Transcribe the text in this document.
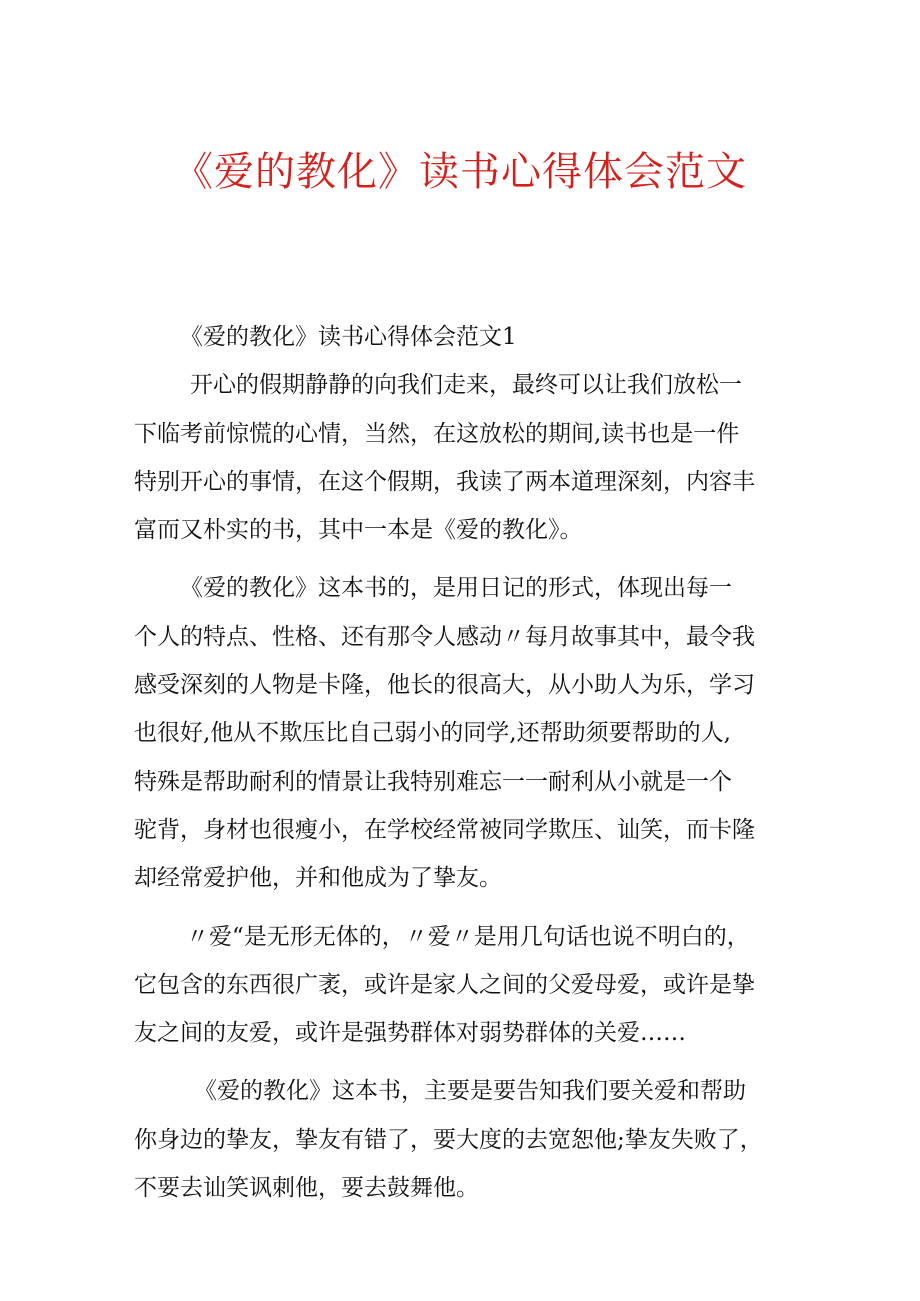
《爱的教化》读书心得体会范文
《爱的教化》读书心得体会范文1
开心的假期静静的向我们走来，最终可以让我们放松一
下临考前惊慌的心情，当然，在这放松的期间,读书也是一件
特别开心的事情，在这个假期，我读了两本道理深刻，内容丰
富而又朴实的书，其中一本是《爱的教化》。
《爱的教化》这本书的，是用日记的形式，体现出每一
个人的特点、性格、还有那令人感动〃每月故事其中，最令我
感受深刻的人物是卡隆，他长的很高大，从小助人为乐，学习
也很好,他从不欺压比自己弱小的同学,还帮助须要帮助的人,
特殊是帮助耐利的情景让我特别难忘一一耐利从小就是一个
驼背，身材也很瘦小，在学校经常被同学欺压、讪笑，而卡隆
却经常爱护他，并和他成为了挚友。
〃爱“是无形无体的，〃爱〃是用几句话也说不明白的，
它包含的东西很广袤，或许是家人之间的父爱母爱，或许是挚
友之间的友爱，或许是强势群体对弱势群体的关爱……
《爱的教化》这本书，主要是要告知我们要关爱和帮助
你身边的挚友，挚友有错了，要大度的去宽恕他;挚友失败了，
不要去讪笑讽刺他，要去鼓舞他。
